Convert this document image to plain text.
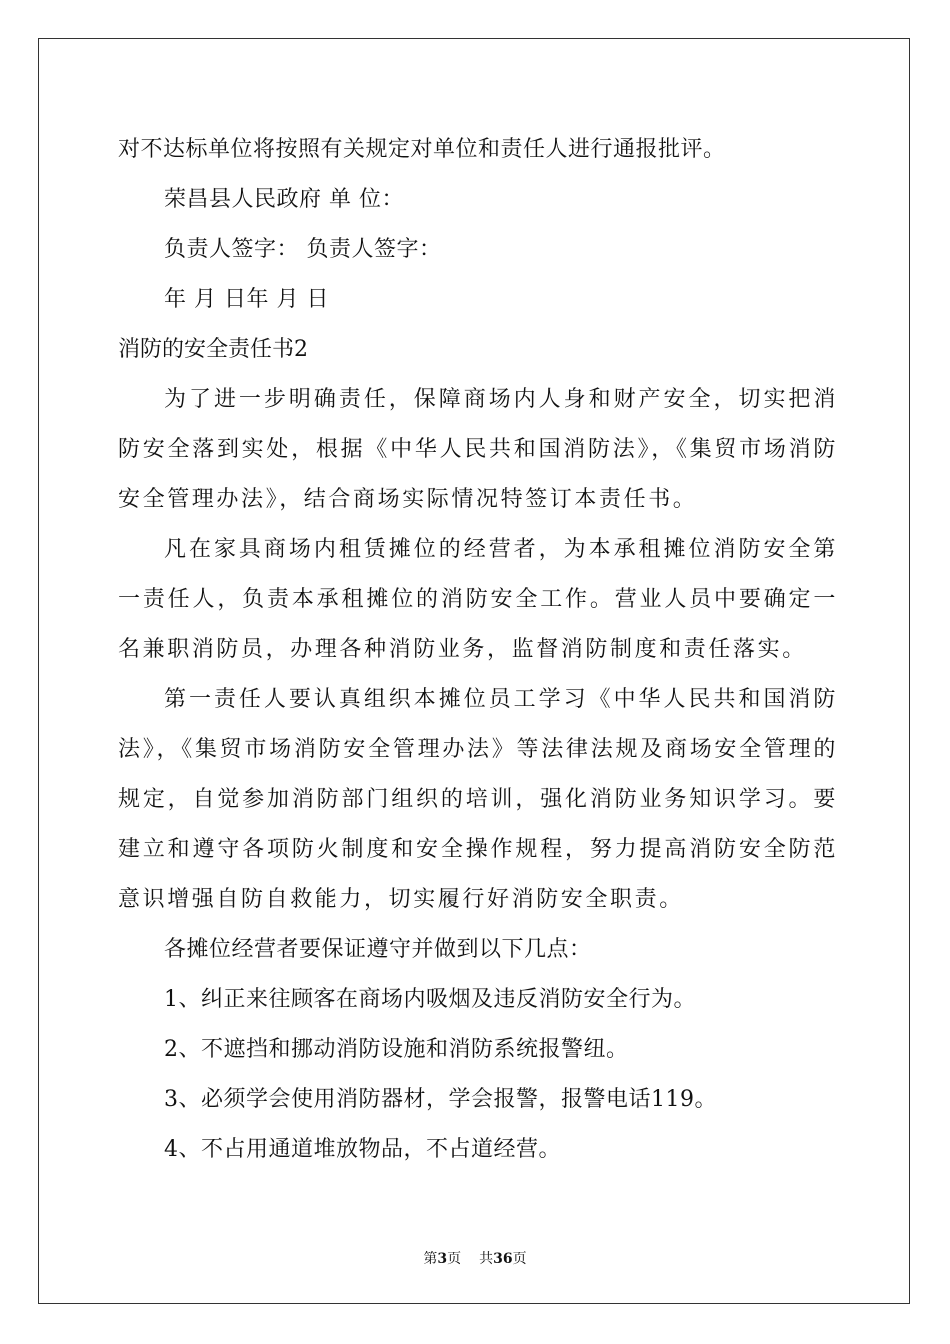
对不达标单位将按照有关规定对单位和责任人进行通报批评。
荣昌县人民政府 单 位：
负责人签字： 负责人签字：
年 月 日年 月 日
消防的安全责任书2
为了进一步明确责任，保障商场内人身和财产安全，切实把消防安全落到实处，根据《中华人民共和国消防法》，《集贸市场消防安全管理办法》，结合商场实际情况特签订本责任书。
凡在家具商场内租赁摊位的经营者，为本承租摊位消防安全第一责任人，负责本承租摊位的消防安全工作。营业人员中要确定一名兼职消防员，办理各种消防业务，监督消防制度和责任落实。
第一责任人要认真组织本摊位员工学习《中华人民共和国消防法》，《集贸市场消防安全管理办法》等法律法规及商场安全管理的规定，自觉参加消防部门组织的培训，强化消防业务知识学习。要建立和遵守各项防火制度和安全操作规程，努力提高消防安全防范意识增强自防自救能力，切实履行好消防安全职责。
各摊位经营者要保证遵守并做到以下几点：
1、纠正来往顾客在商场内吸烟及违反消防安全行为。
2、不遮挡和挪动消防设施和消防系统报警纽。
3、必须学会使用消防器材，学会报警，报警电话119。
4、不占用通道堆放物品，不占道经营。
第3页 共36页
